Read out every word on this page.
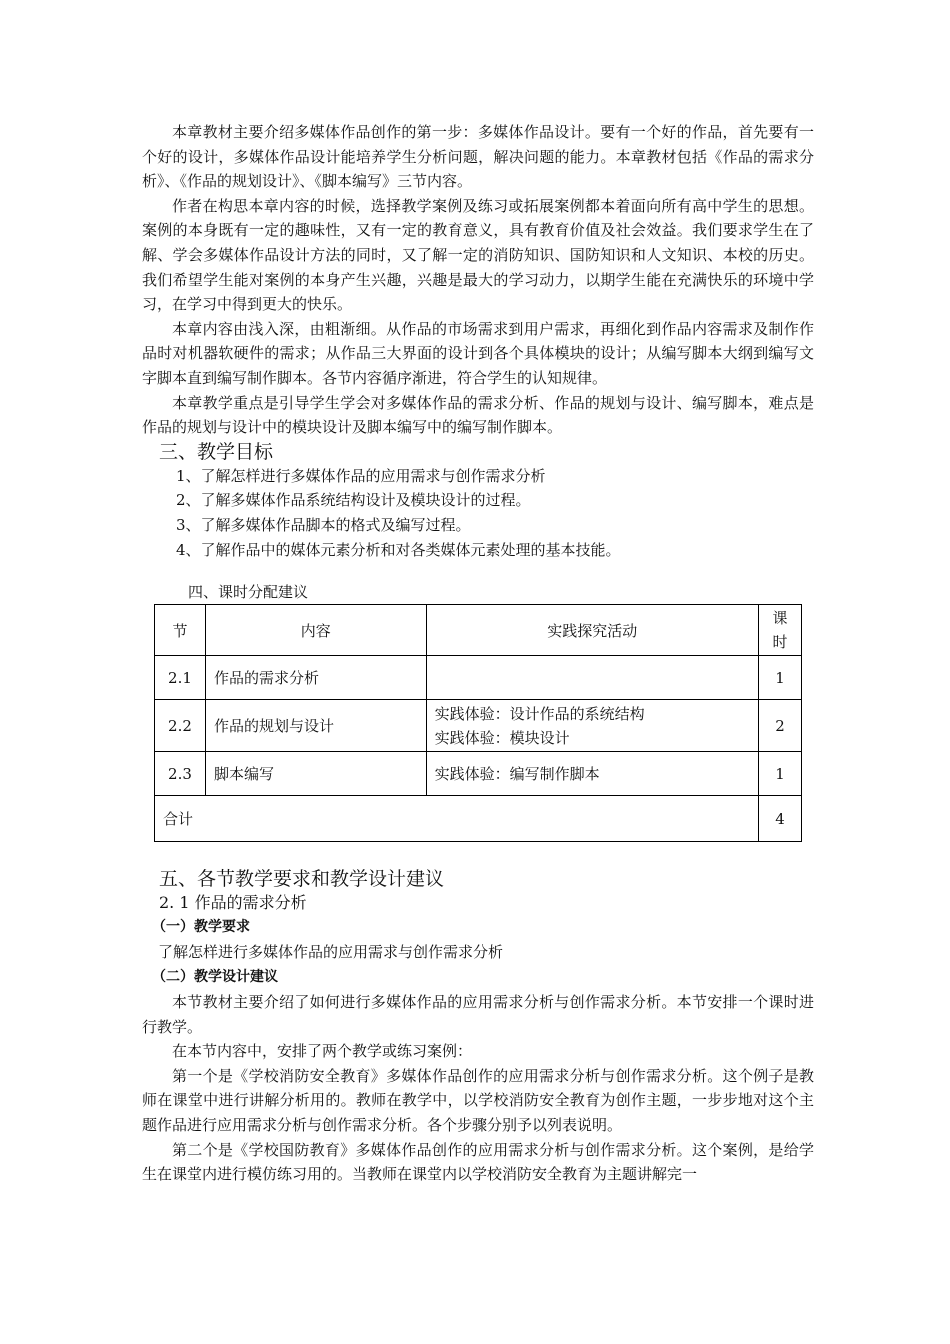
本章教材主要介绍多媒体作品创作的第一步：多媒体作品设计。要有一个好的作品，首先要有一个好的设计，多媒体作品设计能培养学生分析问题，解决问题的能力。本章教材包括《作品的需求分析》、《作品的规划设计》、《脚本编写》三节内容。

作者在构思本章内容的时候，选择教学案例及练习或拓展案例都本着面向所有高中学生的思想。案例的本身既有一定的趣味性，又有一定的教育意义，具有教育价值及社会效益。我们要求学生在了解、学会多媒体作品设计方法的同时，又了解一定的消防知识、国防知识和人文知识、本校的历史。我们希望学生能对案例的本身产生兴趣，兴趣是最大的学习动力，以期学生能在充满快乐的环境中学习，在学习中得到更大的快乐。

本章内容由浅入深，由粗渐细。从作品的市场需求到用户需求，再细化到作品内容需求及制作作品时对机器软硬件的需求；从作品三大界面的设计到各个具体模块的设计；从编写脚本大纲到编写文字脚本直到编写制作脚本。各节内容循序渐进，符合学生的认知规律。

本章教学重点是引导学生学会对多媒体作品的需求分析、作品的规划与设计、编写脚本，难点是作品的规划与设计中的模块设计及脚本编写中的编写制作脚本。

三、教学目标
1、了解怎样进行多媒体作品的应用需求与创作需求分析
2、了解多媒体作品系统结构设计及模块设计的过程。
3、了解多媒体作品脚本的格式及编写过程。
4、了解作品中的媒体元素分析和对各类媒体元素处理的基本技能。
四、课时分配建议
节	内容	实践探究活动	课
时
2.1	作品的需求分析		1
2.2	作品的规划与设计	实践体验：设计作品的系统结构
实践体验：模块设计	2
2.3	脚本编写	实践体验：编写制作脚本	1
合计			4
五、各节教学要求和教学设计建议
2. 1 作品的需求分析
（一）教学要求

了解怎样进行多媒体作品的应用需求与创作需求分析

（二）教学设计建议

本节教材主要介绍了如何进行多媒体作品的应用需求分析与创作需求分析。本节安排一个课时进行教学。

在本节内容中，安排了两个教学或练习案例：

第一个是《学校消防安全教育》多媒体作品创作的应用需求分析与创作需求分析。这个例子是教师在课堂中进行讲解分析用的。教师在教学中，以学校消防安全教育为创作主题，一步步地对这个主题作品进行应用需求分析与创作需求分析。各个步骤分别予以列表说明。

第二个是《学校国防教育》多媒体作品创作的应用需求分析与创作需求分析。这个案例，是给学生在课堂内进行模仿练习用的。当教师在课堂内以学校消防安全教育为主题讲解完一
